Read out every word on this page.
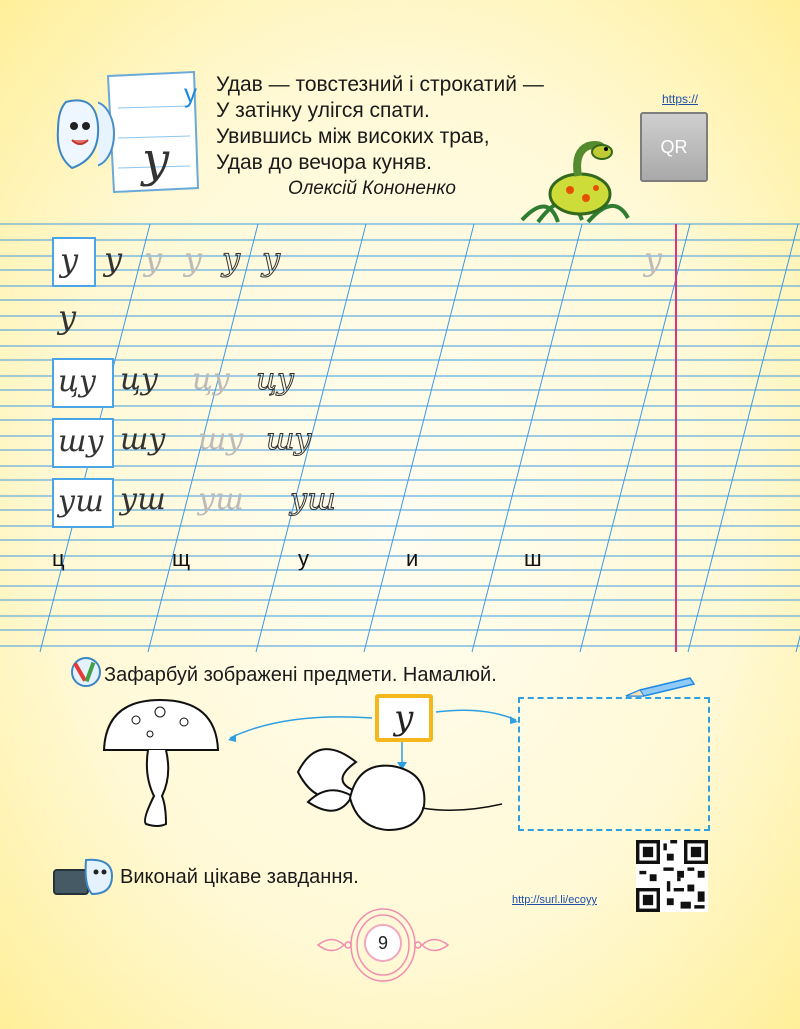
у
у Удав — товстезний і строкатий —
У затінку улігся спати.
Увившись між високих трав,
Удав до вечора куняв.
Олексій Кононенко
https://
QR
у у у у у у	у
у
цу цу цу цу
шу шу шу шу
уш уш уш уш
ц	щ	у	и	ш
Зафарбуй зображені предмети. Намалюй.
у
Виконай цікаве завдання.
http://surl.li/ecoyy
9
